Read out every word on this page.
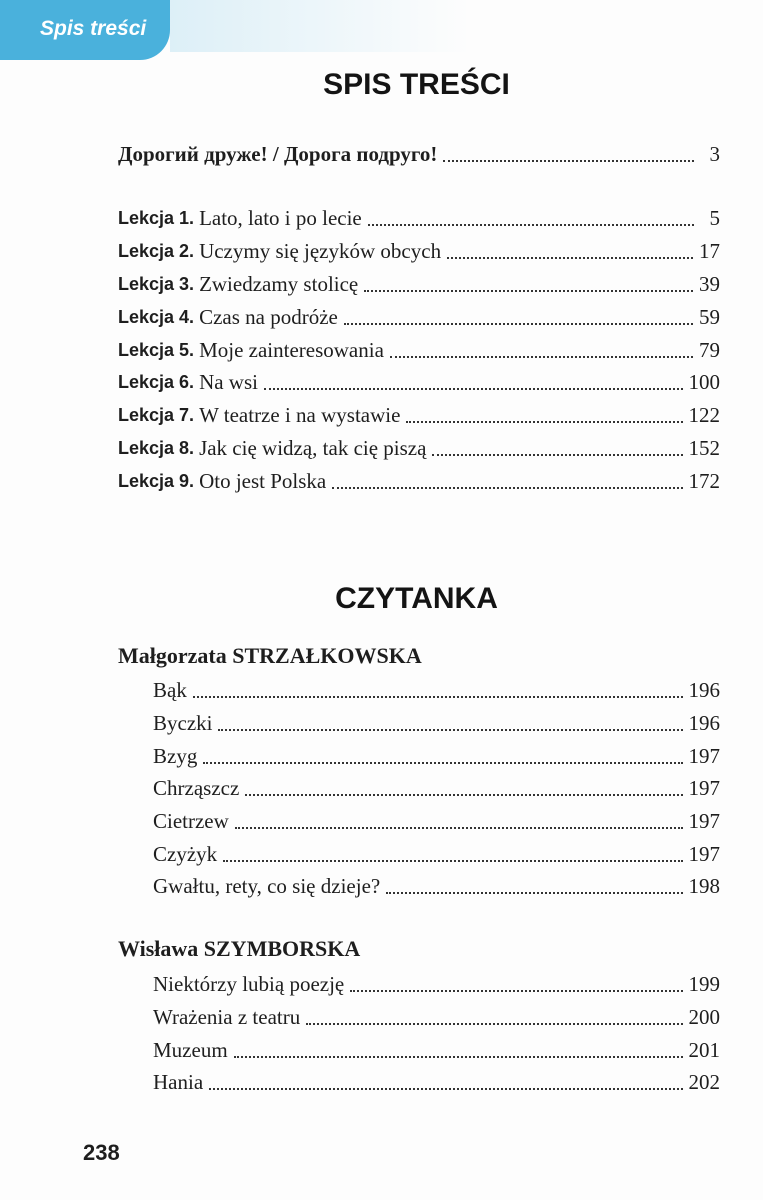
Spis treści
SPIS TREŚCI
Дорогий друже! / Дорога подруго!	3
Lekcja 1. Lato, lato i po lecie	5
Lekcja 2. Uczymy się języków obcych	17
Lekcja 3. Zwiedzamy stolicę	39
Lekcja 4. Czas na podróże	59
Lekcja 5. Moje zainteresowania	79
Lekcja 6. Na wsi	100
Lekcja 7. W teatrze i na wystawie	122
Lekcja 8. Jak cię widzą, tak cię piszą	152
Lekcja 9. Oto jest Polska	172
CZYTANKA

Małgorzata STRZAŁKOWSKA

Bąk	196
Byczki	196
Bzyg	197
Chrząszcz	197
Cietrzew	197
Czyżyk	197
Gwałtu, rety, co się dzieje?	198

Wisława SZYMBORSKA

Niektórzy lubią poezję	199
Wrażenia z teatru	200
Muzeum	201
Hania	202
238
